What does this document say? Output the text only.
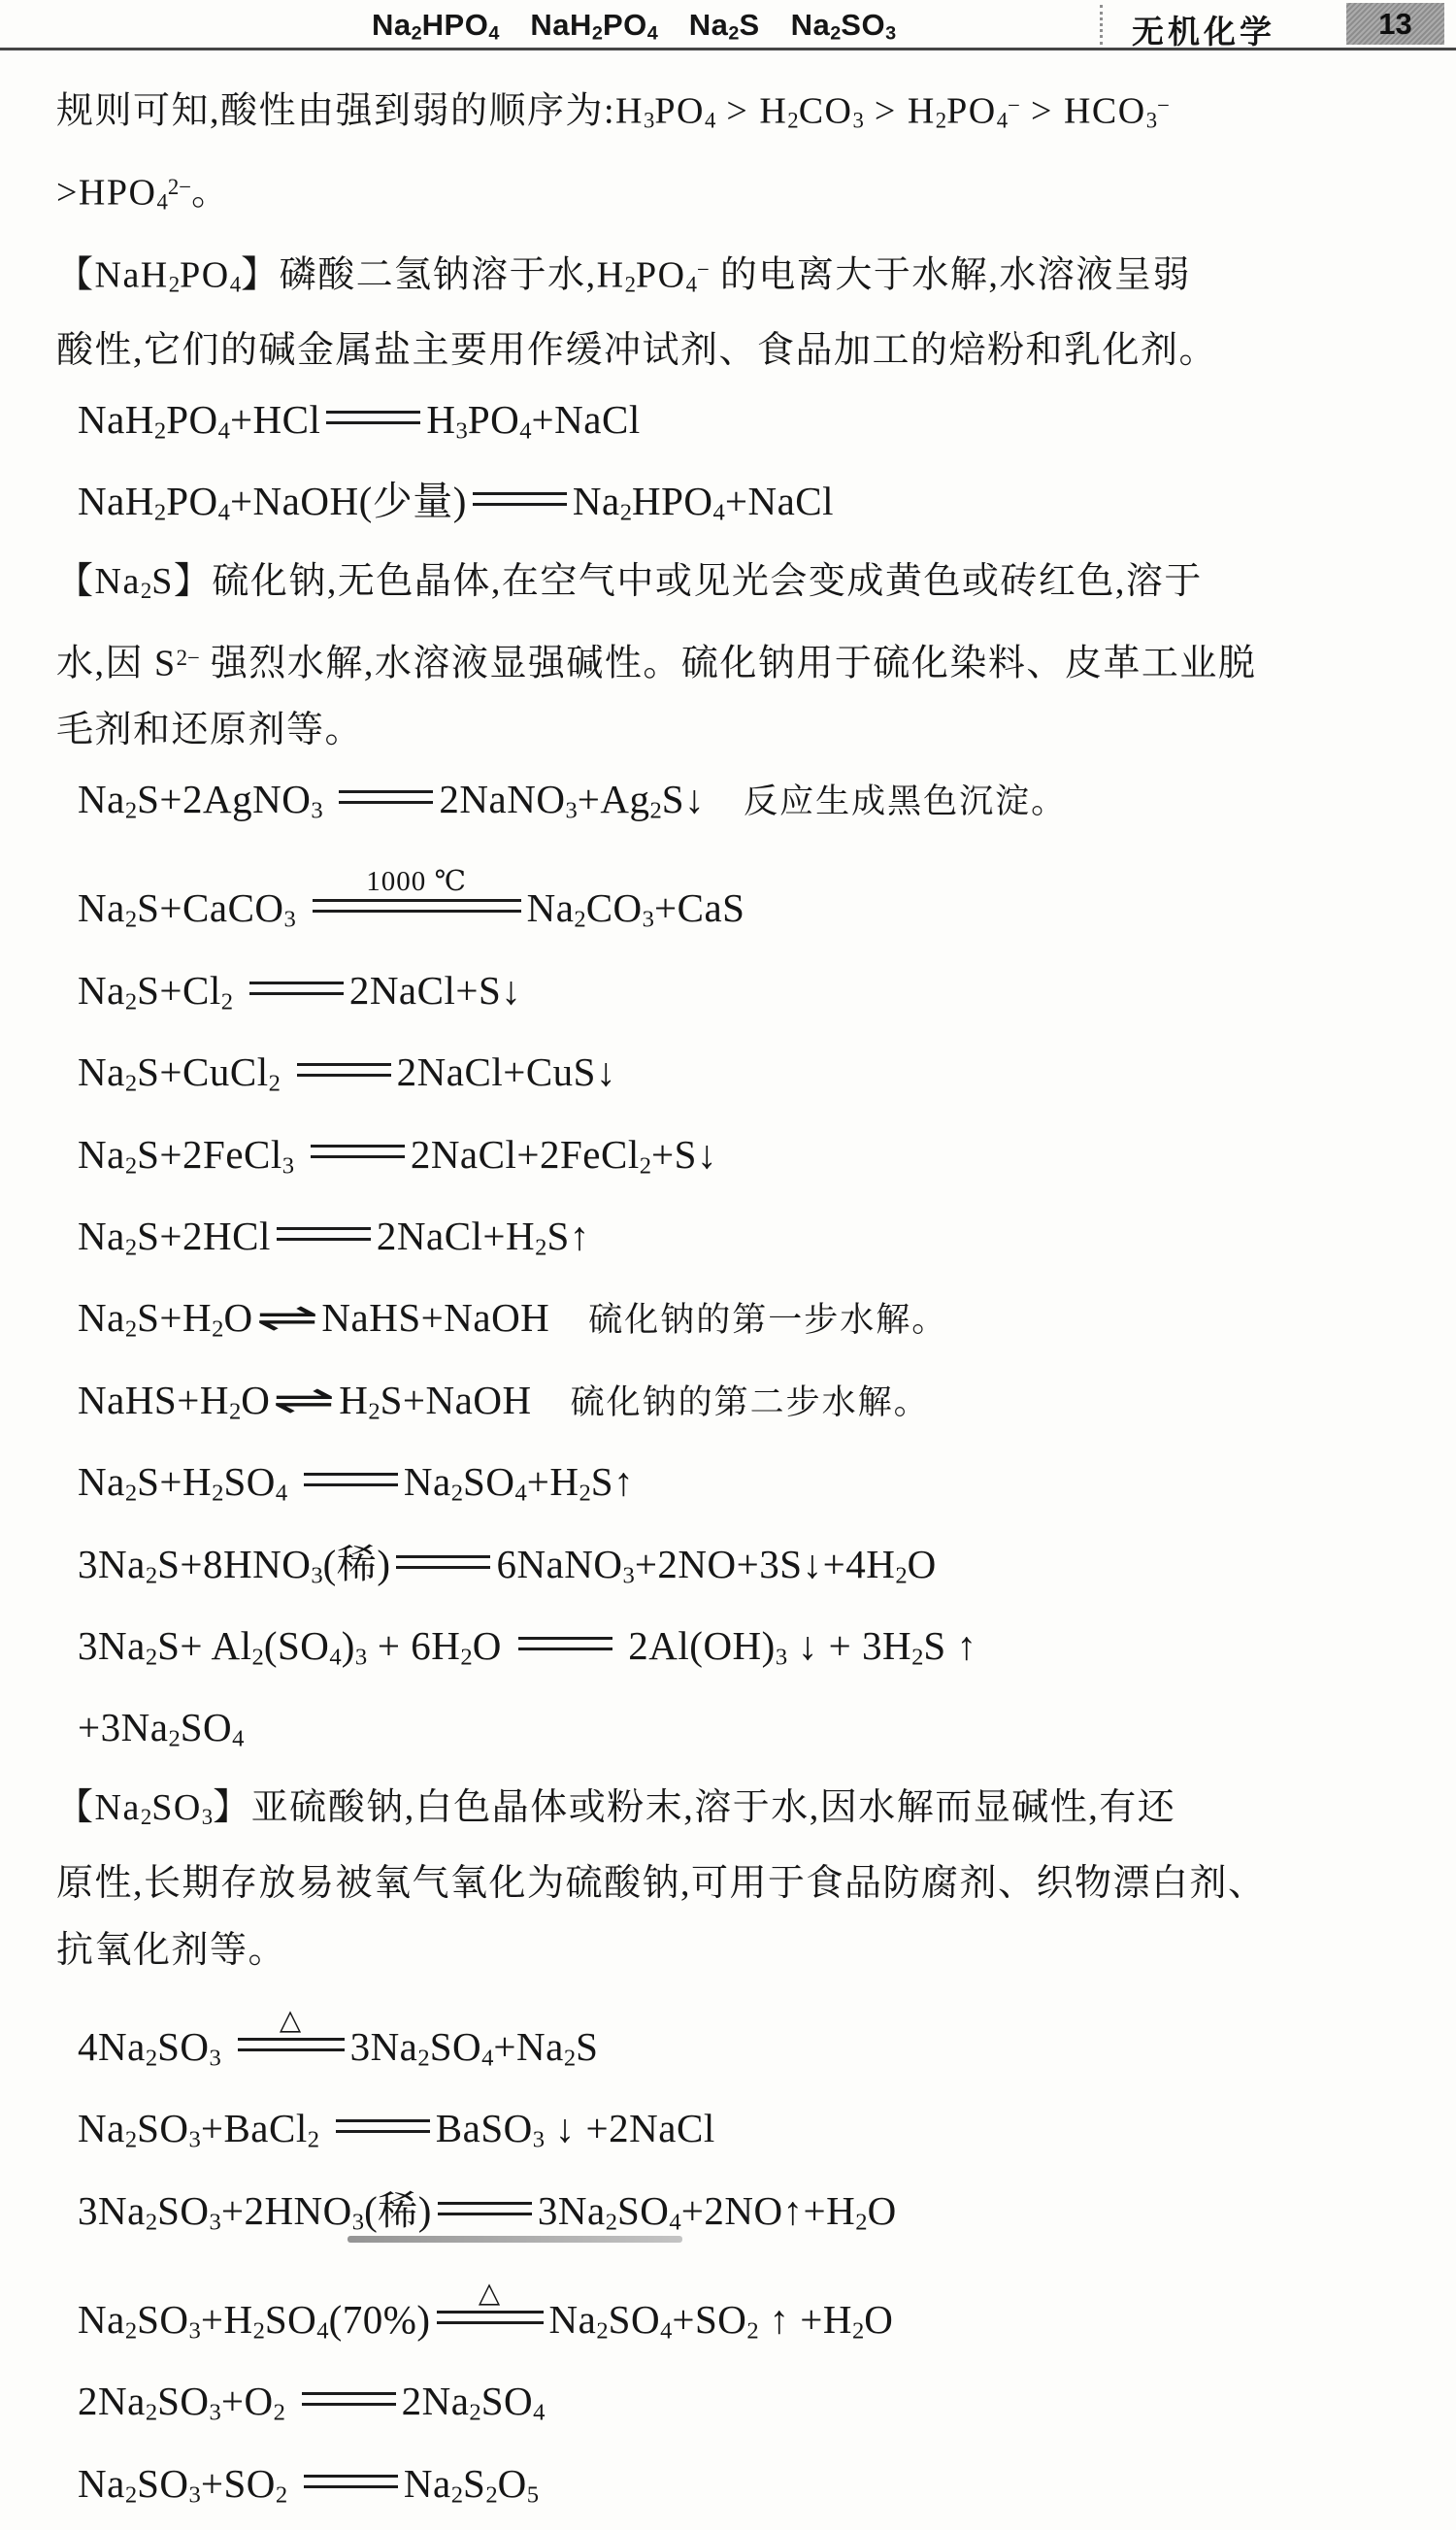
$Na_2HPO_4$  $NaH_2PO_4$  $Na_2S$  $Na_2SO_3$	无机化学	13
规则可知,酸性由强到弱的顺序为$:H_3PO_4 > H_2CO_3 > H_2PO_4^- > HCO_3^-$
$>HPO_4^{2-}$。
【$NaH_2PO_4$】磷酸二氢钠溶于水$,H_2PO_4^-$ 的电离大于水解,水溶液呈弱
酸性,它们的碱金属盐主要用作缓冲试剂、食品加工的焙粉和乳化剂。
$NaH_2PO_4+HCl$	$H_3PO_4+NaCl$
$NaH_2PO_4+NaOH$(少量)	$Na_2HPO_4+NaCl$
【$Na_2S$】硫化钠,无色晶体,在空气中或见光会变成黄色或砖红色,溶于
水,因 $S^{2-}$ 强烈水解,水溶液显强碱性。硫化钠用于硫化染料、皮革工业脱
毛剂和还原剂等。
$Na_2S+2AgNO_3$	$2NaNO_3+Ag_2S↓$ 反应生成黑色沉淀。
$Na_2S+CaCO_3$
1000 ℃
$Na_2CO_3+CaS$
$Na_2S+Cl_2$	2NaCl+S↓
$Na_2S+CuCl_2$	2NaCl+CuS↓
$Na_2S+2FeCl_3$	2NaCl+2FeCl$_2$+S↓
$Na_2S+2HCl$	$2NaCl+H_2S↑$
$Na_2S+H_2O\rightleftharpoons NaHS+NaOH$ 硫化钠的第一步水解。
$NaHS+H_2O\rightleftharpoons H_2S+NaOH$ 硫化钠的第二步水解。
$Na_2S+H_2SO_4$	$Na_2SO_4+H_2S↑$
$3Na_2S+8HNO_3$(稀)	$6NaNO_3+2NO+3S↓+4H_2O$
$3Na_2S+ Al_2(SO_4)_3 + 6H_2O$	$2Al(OH)_3$ ↓ + $3H_2S$ ↑
$+3Na_2SO_4$
【$Na_2SO_3$】亚硫酸钠,白色晶体或粉末,溶于水,因水解而显碱性,有还
原性,长期存放易被氧气氧化为硫酸钠,可用于食品防腐剂、织物漂白剂、
抗氧化剂等。
$4Na_2SO_3$
△
$3Na_2SO_4+Na_2S$
$Na_2SO_3+BaCl_2$	BaSO$_3$ ↓ +2NaCl
$3Na_2SO_3+2HNO_3$(稀)	$3Na_2SO_4+2NO↑+H_2O$
$Na_2SO_3+H_2SO_4(70\%)$
△
$Na_2SO_4+SO_2$ ↑ $+H_2O$
$2Na_2SO_3+O_2$	$2Na_2SO_4$
$Na_2SO_3+SO_2$	$Na_2S_2O_5$
